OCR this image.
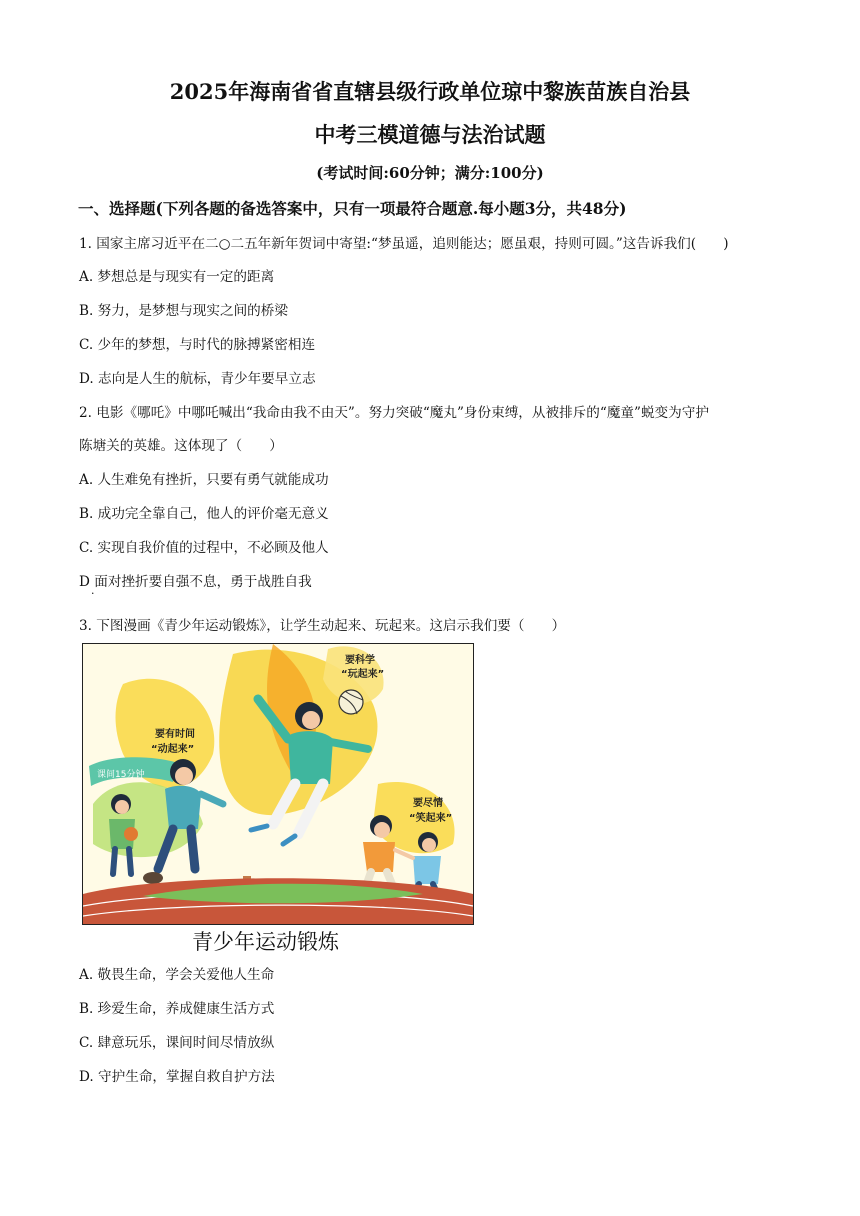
2025年海南省省直辖县级行政单位琼中黎族苗族自治县
中考三模道德与法治试题
(考试时间:60分钟；满分:100分)
一、选择题(下列各题的备选答案中，只有一项最符合题意.每小题3分，共48分)
1. 国家主席习近平在二○二五年新年贺词中寄望:“梦虽遥，追则能达；愿虽艰，持则可圆。”这告诉我们(　　)
A. 梦想总是与现实有一定的距离
B. 努力，是梦想与现实之间的桥梁
C. 少年的梦想，与时代的脉搏紧密相连
D. 志向是人生的航标，青少年要早立志
2. 电影《哪吒》中哪吒喊出“我命由我不由天”。努力突破“魔丸”身份束缚，从被排斥的“魔童”蜕变为守护
陈塘关的英雄。这体现了（　　）
A. 人生难免有挫折，只要有勇气就能成功
B. 成功完全靠自己，他人的评价毫无意义
C. 实现自我价值的过程中，不必顾及他人
D 面对挫折要自强不息，勇于战胜自我
·
3. 下图漫画《青少年运动锻炼》，让学生动起来、玩起来。这启示我们要（　　）
要有时间
“动起来”
要科学
“玩起来”
要尽情
“笑起来”
课间15分钟
青少年运动锻炼
A. 敬畏生命，学会关爱他人生命
B. 珍爱生命，养成健康生活方式
C. 肆意玩乐，课间时间尽情放纵
D. 守护生命，掌握自救自护方法
